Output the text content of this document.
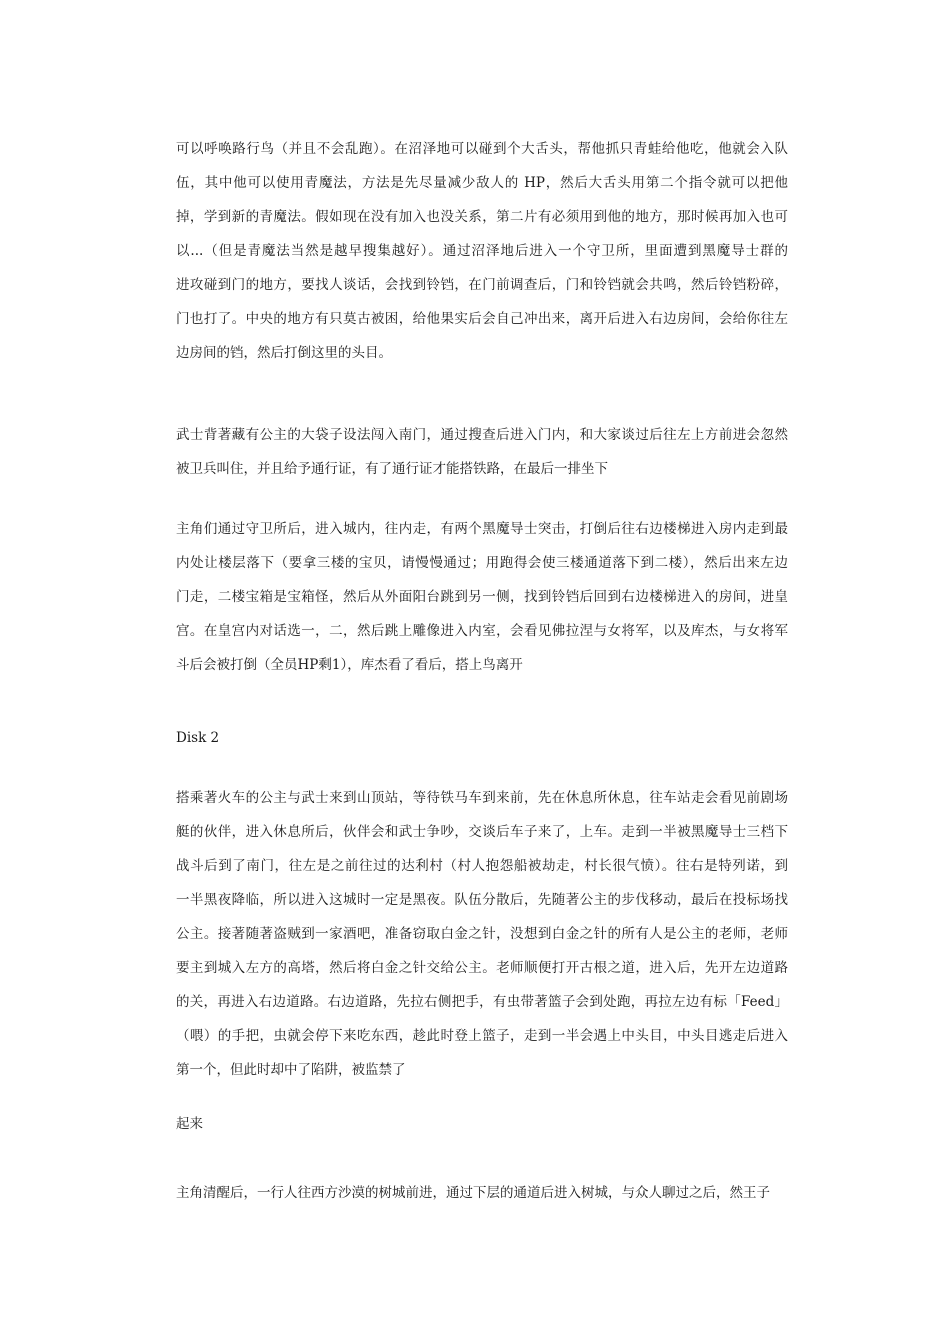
可以呼唤路行鸟（并且不会乱跑）。在沼泽地可以碰到个大舌头，帮他抓只青蛙给他吃，他就会入队
伍，其中他可以使用青魔法，方法是先尽量减少敌人的 HP，然后大舌头用第二个指令就可以把他
掉，学到新的青魔法。假如现在没有加入也没关系，第二片有必须用到他的地方，那时候再加入也可
以...（但是青魔法当然是越早搜集越好）。通过沼泽地后进入一个守卫所，里面遭到黑魔导士群的
进攻碰到门的地方，要找人谈话，会找到铃铛，在门前调查后，门和铃铛就会共鸣，然后铃铛粉碎，
门也打了。中央的地方有只莫古被困，给他果实后会自己冲出来，离开后进入右边房间，会给你往左
边房间的铛，然后打倒这里的头目。
武士背著藏有公主的大袋子设法闯入南门，通过搜查后进入门内，和大家谈过后往左上方前进会忽然
被卫兵叫住，并且给予通行证，有了通行证才能搭铁路，在最后一排坐下
主角们通过守卫所后，进入城内，往内走，有两个黑魔导士突击，打倒后往右边楼梯进入房内走到最
内处让楼层落下（要拿三楼的宝贝，请慢慢通过；用跑得会使三楼通道落下到二楼），然后出来左边
门走，二楼宝箱是宝箱怪，然后从外面阳台跳到另一侧，找到铃铛后回到右边楼梯进入的房间，进皇
宫。在皇宫内对话选一，二，然后跳上雕像进入内室，会看见佛拉涅与女将军，以及库杰，与女将军
斗后会被打倒（全员HP剩1），库杰看了看后，搭上鸟离开
Disk 2
搭乘著火车的公主与武士来到山顶站，等待铁马车到来前，先在休息所休息，往车站走会看见前剧场
艇的伙伴，进入休息所后，伙伴会和武士争吵，交谈后车子来了，上车。走到一半被黑魔导士三档下
战斗后到了南门，往左是之前往过的达利村（村人抱怨船被劫走，村长很气愤）。往右是特列诺，到
一半黑夜降临，所以进入这城时一定是黑夜。队伍分散后，先随著公主的步伐移动，最后在投标场找
公主。接著随著盗贼到一家酒吧，准备窃取白金之针，没想到白金之针的所有人是公主的老师，老师
要主到城入左方的高塔，然后将白金之针交给公主。老师顺便打开古根之道，进入后，先开左边道路
的关，再进入右边道路。右边道路，先拉右侧把手，有虫带著篮子会到处跑，再拉左边有标「Feed」
（喂）的手把，虫就会停下来吃东西，趁此时登上篮子，走到一半会遇上中头目，中头目逃走后进入
第一个，但此时却中了陷阱，被监禁了
起来
主角清醒后，一行人往西方沙漠的树城前进，通过下层的通道后进入树城，与众人聊过之后，然王子
